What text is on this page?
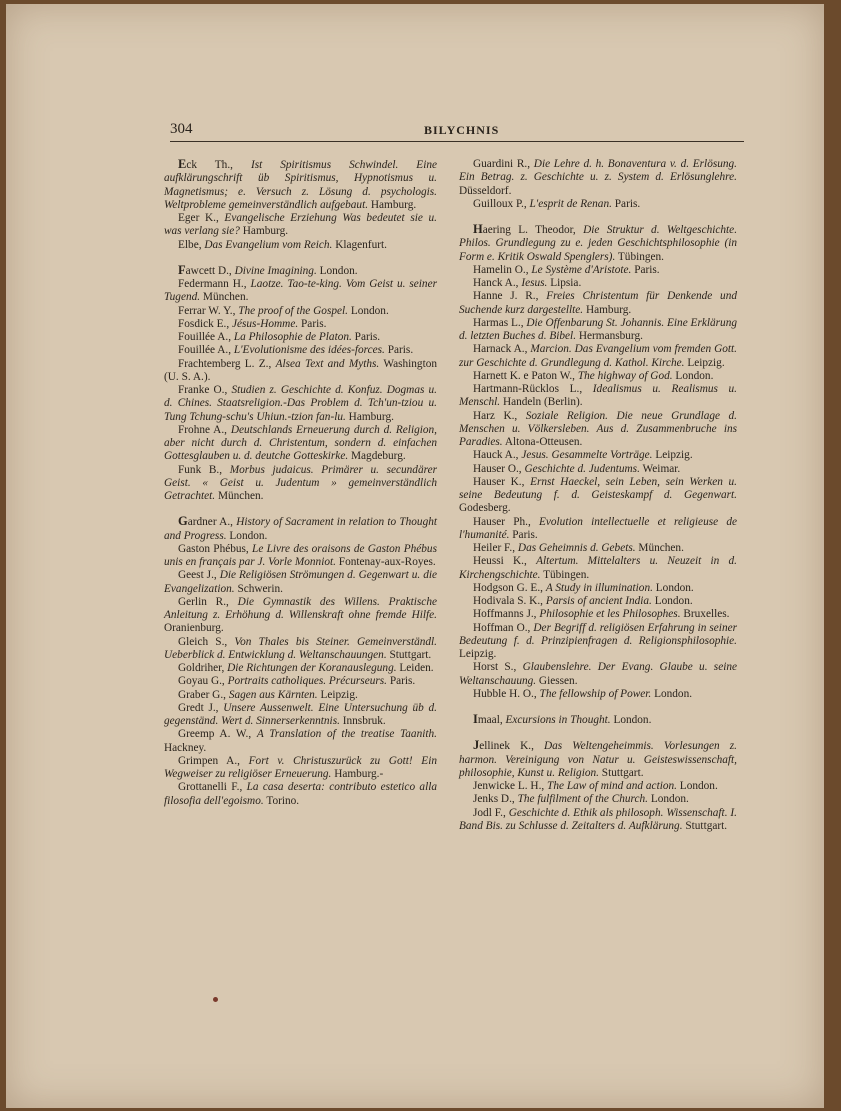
304	BILYCHNIS

Eck Th., Ist Spiritismus Schwindel. Eine aufklärungschrift üb Spiritismus, Hypnotismus u. Magnetismus; e. Versuch z. Lösung d. psychologis. Weltprobleme gemeinverständlich aufgebaut. Hamburg.

Eger K., Evangelische Erziehung Was bedeutet sie u. was verlang sie? Hamburg.

Elbe, Das Evangelium vom Reich. Klagenfurt.

Fawcett D., Divine Imagining. London.

Federmann H., Laotze. Tao-te-king. Vom Geist u. seiner Tugend. München.

Ferrar W. Y., The proof of the Gospel. London.

Fosdick E., Jésus-Homme. Paris.

Fouillée A., La Philosophie de Platon. Paris.

Fouillée A., L'Evolutionisme des idées-forces. Paris.

Frachtemberg L. Z., Alsea Text and Myths. Washington (U. S. A.).

Franke O., Studien z. Geschichte d. Konfuz. Dogmas u. d. Chines. Staatsreligion.-Das Problem d. Tch'un-tziou u. Tung Tchung-schu's Uhiun.-tzion fan-lu. Hamburg.

Frohne A., Deutschlands Erneuerung durch d. Religion, aber nicht durch d. Christentum, sondern d. einfachen Gottesglauben u. d. deutche Gotteskirke. Magdeburg.

Funk B., Morbus judaicus. Primärer u. secundärer Geist. « Geist u. Judentum » gemeinverständlich Getrachtet. München.

Gardner A., History of Sacrament in relation to Thought and Progress. London.

Gaston Phébus, Le Livre des oraisons de Gaston Phébus unis en français par J. Vorle Monniot. Fontenay-aux-Royes.

Geest J., Die Religiösen Strömungen d. Gegenwart u. die Evangelization. Schwerin.

Gerlin R., Die Gymnastik des Willens. Praktische Anleitung z. Erhöhung d. Willenskraft ohne fremde Hilfe. Oranienburg.

Gleich S., Von Thales bis Steiner. Gemeinverständl. Ueberblick d. Entwicklung d. Weltanschauungen. Stuttgart.

Goldriher, Die Richtungen der Koranauslegung. Leiden.

Goyau G., Portraits catholiques. Précurseurs. Paris.

Graber G., Sagen aus Kärnten. Leipzig.

Gredt J., Unsere Aussenwelt. Eine Untersuchung üb d. gegenständ. Wert d. Sinnerserkenntnis. Innsbruk.

Greemp A. W., A Translation of the treatise Taanith. Hackney.

Grimpen A., Fort v. Christuszurück zu Gott! Ein Wegweiser zu religiöser Erneuerung. Hamburg.-

Grottanelli F., La casa deserta: contributo estetico alla filosofia dell'egoismo. Torino.

Guardini R., Die Lehre d. h. Bonaventura v. d. Erlösung. Ein Betrag. z. Geschichte u. z. System d. Erlösunglehre. Düsseldorf.

Guilloux P., L'esprit de Renan. Paris.

Haering L. Theodor, Die Struktur d. Weltgeschichte. Philos. Grundlegung zu e. jeden Geschichtsphilosophie (in Form e. Kritik Oswald Spenglers). Tübingen.

Hamelin O., Le Système d'Aristote. Paris.

Hanck A., Iesus. Lipsia.

Hanne J. R., Freies Christentum für Denkende und Suchende kurz dargestellte. Hamburg.

Harmas L., Die Offenbarung St. Johannis. Eine Erklärung d. letzten Buches d. Bibel. Hermansburg.

Harnack A., Marcion. Das Evangelium vom fremden Gott. zur Geschichte d. Grundlegung d. Kathol. Kirche. Leipzig.

Harnett K. e Paton W., The highway of God. London.

Hartmann-Rücklos L., Idealismus u. Realismus u. Menschl. Handeln (Berlin).

Harz K., Soziale Religion. Die neue Grundlage d. Menschen u. Völkersleben. Aus d. Zusammenbruche ins Paradies. Altona-Otteusen.

Hauck A., Jesus. Gesammelte Vorträge. Leipzig.

Hauser O., Geschichte d. Judentums. Weimar.

Hauser K., Ernst Haeckel, sein Leben, sein Werken u. seine Bedeutung f. d. Geisteskampf d. Gegenwart. Godesberg.

Hauser Ph., Evolution intellectuelle et religieuse de l'humanité. Paris.

Heiler F., Das Geheimnis d. Gebets. München.

Heussi K., Altertum. Mittelalters u. Neuzeit in d. Kirchengschichte. Tübingen.

Hodgson G. E., A Study in illumination. London.

Hodivala S. K., Parsis of ancient India. London.

Hoffmanns J., Philosophie et les Philosophes. Bruxelles.

Hoffman O., Der Begriff d. religiösen Erfahrung in seiner Bedeutung f. d. Prinzipienfragen d. Religionsphilosophie. Leipzig.

Horst S., Glaubenslehre. Der Evang. Glaube u. seine Weltanschauung. Giessen.

Hubble H. O., The fellowship of Power. London.

Imaal, Excursions in Thought. London.

Jellinek K., Das Weltengeheimmis. Vorlesungen z. harmon. Vereinigung von Natur u. Geisteswissenschaft, philosophie, Kunst u. Religion. Stuttgart.

Jenwicke L. H., The Law of mind and action. London.

Jenks D., The fulfilment of the Church. London.

Jodl F., Geschichte d. Ethik als philosoph. Wissenschaft. I. Band Bis. zu Schlusse d. Zeitalters d. Aufklärung. Stuttgart.
